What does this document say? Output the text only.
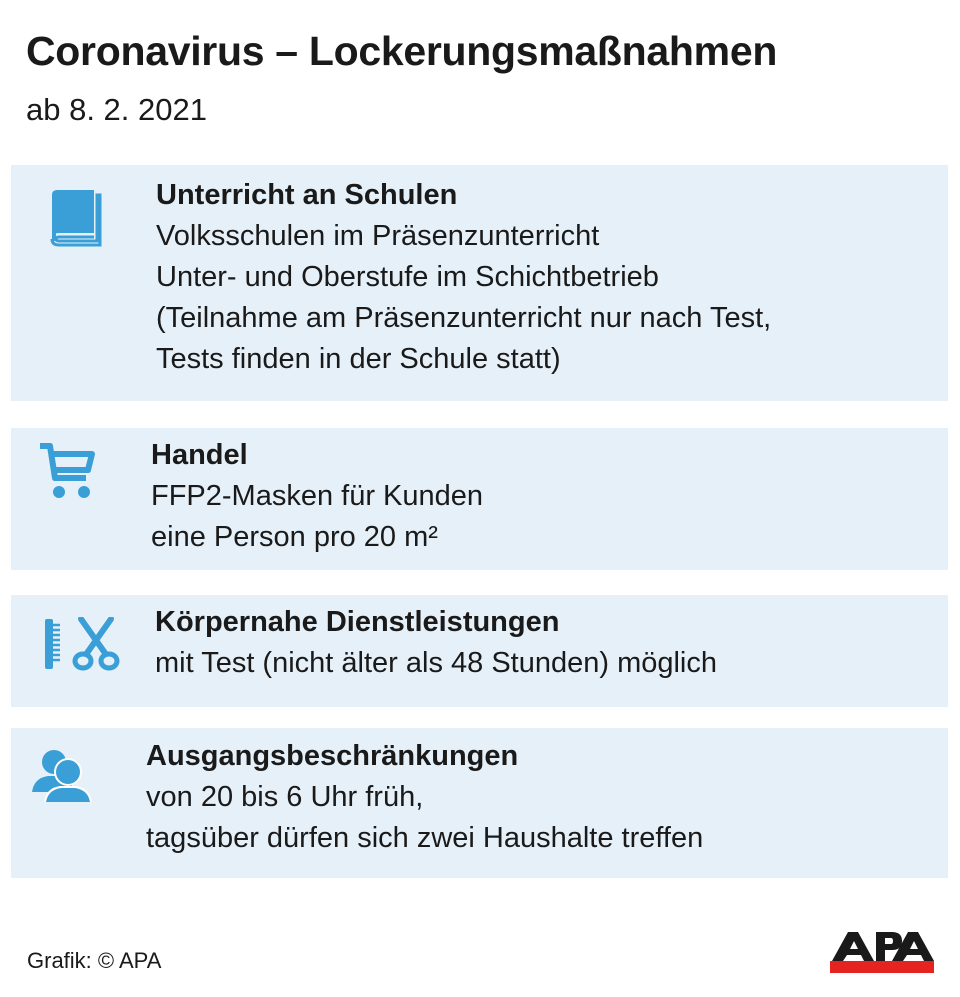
Coronavirus – Lockerungsmaßnahmen

ab 8. 2. 2021

Unterricht an Schulen
Volksschulen im Präsenzunterricht
Unter- und Oberstufe im Schichtbetrieb
(Teilnahme am Präsenzunterricht nur nach Test,
Tests finden in der Schule statt)
Handel
FFP2-Masken für Kunden
eine Person pro 20 m²
Körpernahe Dienstleistungen
mit Test (nicht älter als 48 Stunden) möglich
Ausgangsbeschränkungen
von 20 bis 6 Uhr früh,
tagsüber dürfen sich zwei Haushalte treffen
Grafik: © APA
